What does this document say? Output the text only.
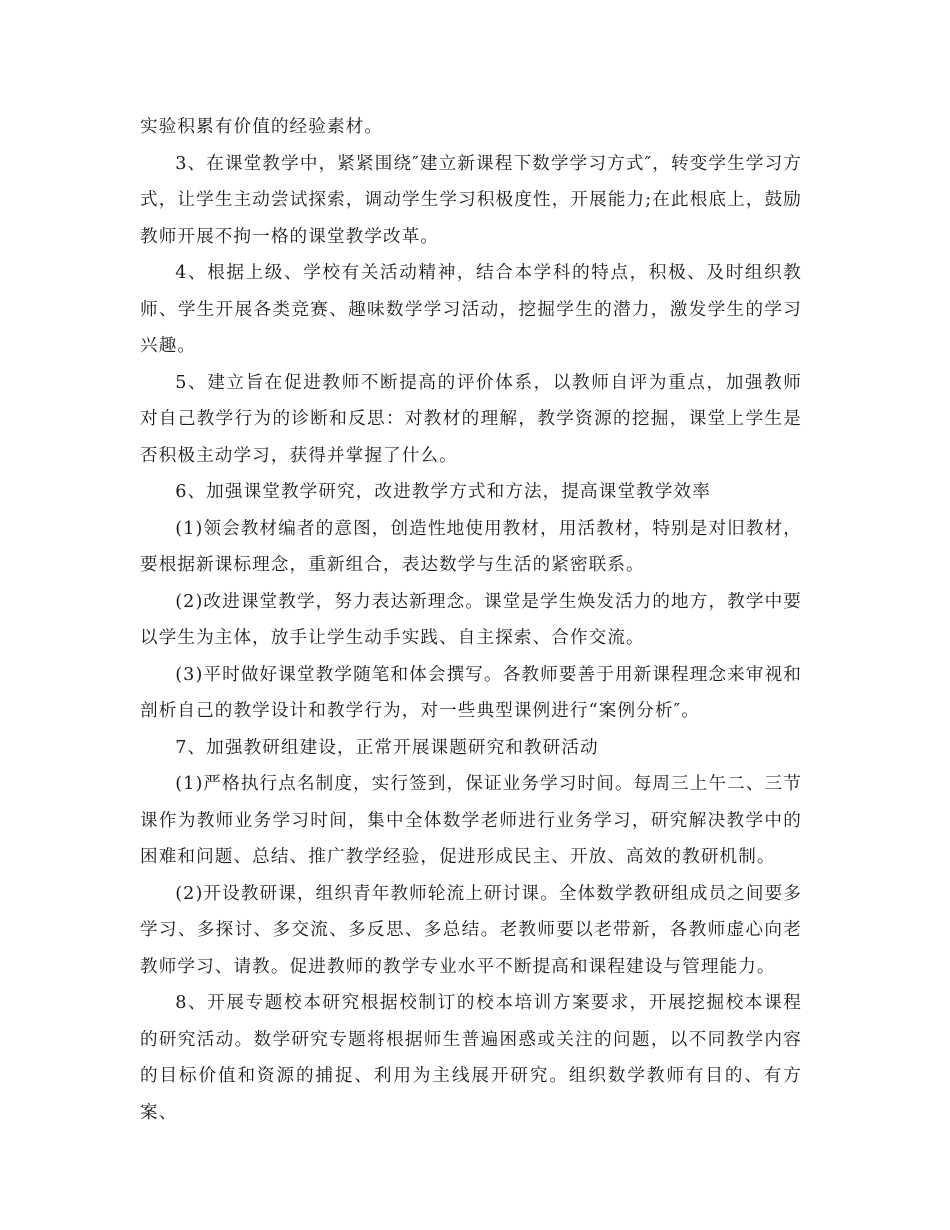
实验积累有价值的经验素材。

3、在课堂教学中，紧紧围绕″建立新课程下数学学习方式″，转变学生学习方式，让学生主动尝试探索，调动学生学习积极度性，开展能力;在此根底上，鼓励教师开展不拘一格的课堂教学改革。

4、根据上级、学校有关活动精神，结合本学科的特点，积极、及时组织教师、学生开展各类竞赛、趣味数学学习活动，挖掘学生的潜力，激发学生的学习兴趣。

5、建立旨在促进教师不断提高的评价体系，以教师自评为重点，加强教师对自己教学行为的诊断和反思：对教材的理解，教学资源的挖掘，课堂上学生是否积极主动学习，获得并掌握了什么。

6、加强课堂教学研究，改进教学方式和方法，提高课堂教学效率

(1)领会教材编者的意图，创造性地使用教材，用活教材，特别是对旧教材，要根据新课标理念，重新组合，表达数学与生活的紧密联系。

(2)改进课堂教学，努力表达新理念。课堂是学生焕发活力的地方，教学中要以学生为主体，放手让学生动手实践、自主探索、合作交流。

(3)平时做好课堂教学随笔和体会撰写。各教师要善于用新课程理念来审视和剖析自己的教学设计和教学行为，对一些典型课例进行“案例分析″。

7、加强教研组建设，正常开展课题研究和教研活动

(1)严格执行点名制度，实行签到，保证业务学习时间。每周三上午二、三节课作为教师业务学习时间，集中全体数学老师进行业务学习，研究解决教学中的困难和问题、总结、推广教学经验，促进形成民主、开放、高效的教研机制。

(2)开设教研课，组织青年教师轮流上研讨课。全体数学教研组成员之间要多学习、多探讨、多交流、多反思、多总结。老教师要以老带新，各教师虚心向老教师学习、请教。促进教师的教学专业水平不断提高和课程建设与管理能力。

8、开展专题校本研究根据校制订的校本培训方案要求，开展挖掘校本课程的研究活动。数学研究专题将根据师生普遍困惑或关注的问题，以不同教学内容的目标价值和资源的捕捉、利用为主线展开研究。组织数学教师有目的、有方案、
